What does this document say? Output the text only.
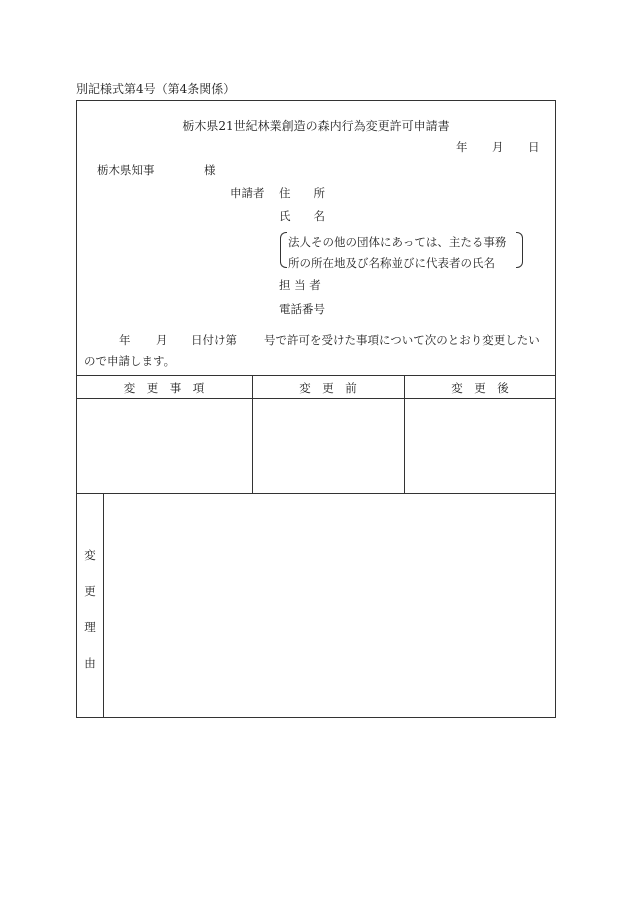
別記様式第4号（第4条関係）
栃木県21世紀林業創造の森内行為変更許可申請書
年 月 日
栃木県知事	様
申請者 住　　所
氏　　名
法人その他の団体にあっては、主たる事務
所の所在地及び名称並びに代表者の氏名
担 当 者
電話番号
年 月 日付け第 号で許可を受けた事項について次のとおり変更したい
ので申請します。
変　更　事　項	変　更　前	変　更　後
変
更
理
由
